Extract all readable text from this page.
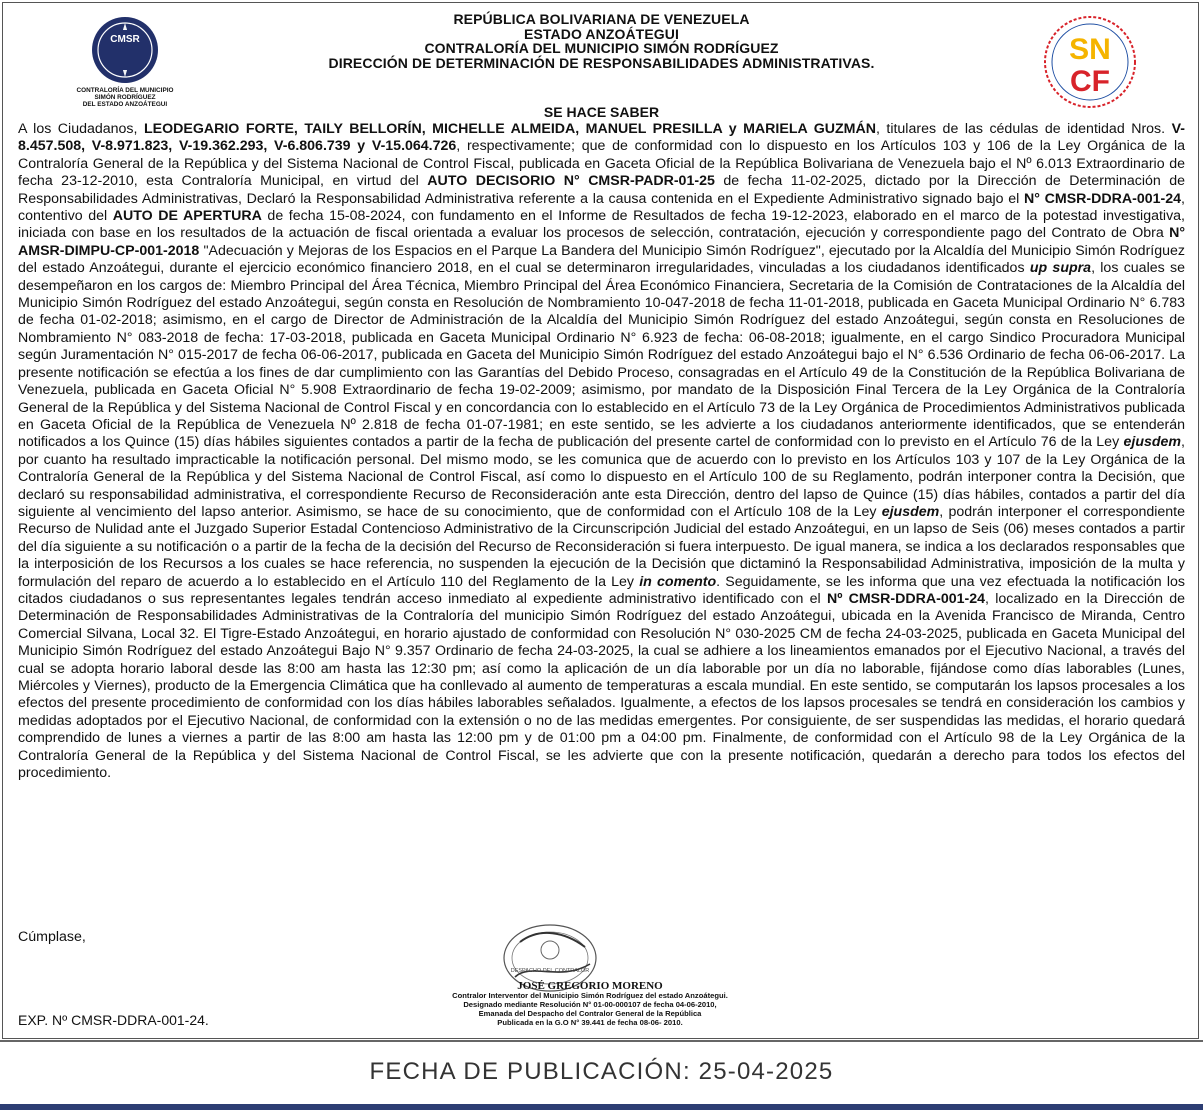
CMSR
CONTRALORÍA DEL MUNICIPIO
SIMÓN RODRÍGUEZ
DEL ESTADO ANZOÁTEGUI
SN
CF
REPÚBLICA BOLIVARIANA DE VENEZUELA
ESTADO ANZOÁTEGUI
CONTRALORÍA DEL MUNICIPIO SIMÓN RODRÍGUEZ
DIRECCIÓN DE DETERMINACIÓN DE RESPONSABILIDADES ADMINISTRATIVAS.
SE HACE SABER
A los Ciudadanos, LEODEGARIO FORTE, TAILY BELLORÍN, MICHELLE ALMEIDA, MANUEL PRESILLA y MARIELA GUZMÁN, titulares de las cédulas de identidad Nros. V-8.457.508, V-8.971.823, V-19.362.293, V-6.806.739 y V-15.064.726, respectivamente; que de conformidad con lo dispuesto en los Artículos 103 y 106 de la Ley Orgánica de la Contraloría General de la República y del Sistema Nacional de Control Fiscal, publicada en Gaceta Oficial de la República Bolivariana de Venezuela bajo el Nº 6.013 Extraordinario de fecha 23-12-2010, esta Contraloría Municipal, en virtud del AUTO DECISORIO N° CMSR-PADR-01-25 de fecha 11-02-2025, dictado por la Dirección de Determinación de Responsabilidades Administrativas, Declaró la Responsabilidad Administrativa referente a la causa contenida en el Expediente Administrativo signado bajo el N° CMSR-DDRA-001-24, contentivo del AUTO DE APERTURA de fecha 15-08-2024, con fundamento en el Informe de Resultados de fecha 19-12-2023, elaborado en el marco de la potestad investigativa, iniciada con base en los resultados de la actuación de fiscal orientada a evaluar los procesos de selección, contratación, ejecución y correspondiente pago del Contrato de Obra N° AMSR-DIMPU-CP-001-2018 "Adecuación y Mejoras de los Espacios en el Parque La Bandera del Municipio Simón Rodríguez", ejecutado por la Alcaldía del Municipio Simón Rodríguez del estado Anzoátegui, durante el ejercicio económico financiero 2018, en el cual se determinaron irregularidades, vinculadas a los ciudadanos identificados up supra, los cuales se desempeñaron en los cargos de: Miembro Principal del Área Técnica, Miembro Principal del Área Económico Financiera, Secretaria de la Comisión de Contrataciones de la Alcaldía del Municipio Simón Rodríguez del estado Anzoátegui, según consta en Resolución de Nombramiento 10-047-2018 de fecha 11-01-2018, publicada en Gaceta Municipal Ordinario N° 6.783 de fecha 01-02-2018; asimismo, en el cargo de Director de Administración de la Alcaldía del Municipio Simón Rodríguez del estado Anzoátegui, según consta en Resoluciones de Nombramiento N° 083-2018 de fecha: 17-03-2018, publicada en Gaceta Municipal Ordinario N° 6.923 de fecha: 06-08-2018; igualmente, en el cargo Sindico Procuradora Municipal según Juramentación N° 015-2017 de fecha 06-06-2017, publicada en Gaceta del Municipio Simón Rodríguez del estado Anzoátegui bajo el N° 6.536 Ordinario de fecha 06-06-2017. La presente notificación se efectúa a los fines de dar cumplimiento con las Garantías del Debido Proceso, consagradas en el Artículo 49 de la Constitución de la República Bolivariana de Venezuela, publicada en Gaceta Oficial N° 5.908 Extraordinario de fecha 19-02-2009; asimismo, por mandato de la Disposición Final Tercera de la Ley Orgánica de la Contraloría General de la República y del Sistema Nacional de Control Fiscal y en concordancia con lo establecido en el Artículo 73 de la Ley Orgánica de Procedimientos Administrativos publicada en Gaceta Oficial de la República de Venezuela Nº 2.818 de fecha 01-07-1981; en este sentido, se les advierte a los ciudadanos anteriormente identificados, que se entenderán notificados a los Quince (15) días hábiles siguientes contados a partir de la fecha de publicación del presente cartel de conformidad con lo previsto en el Artículo 76 de la Ley ejusdem, por cuanto ha resultado impracticable la notificación personal. Del mismo modo, se les comunica que de acuerdo con lo previsto en los Artículos 103 y 107 de la Ley Orgánica de la Contraloría General de la República y del Sistema Nacional de Control Fiscal, así como lo dispuesto en el Artículo 100 de su Reglamento, podrán interponer contra la Decisión, que declaró su responsabilidad administrativa, el correspondiente Recurso de Reconsideración ante esta Dirección, dentro del lapso de Quince (15) días hábiles, contados a partir del día siguiente al vencimiento del lapso anterior. Asimismo, se hace de su conocimiento, que de conformidad con el Artículo 108 de la Ley ejusdem, podrán interponer el correspondiente Recurso de Nulidad ante el Juzgado Superior Estadal Contencioso Administrativo de la Circunscripción Judicial del estado Anzoátegui, en un lapso de Seis (06) meses contados a partir del día siguiente a su notificación o a partir de la fecha de la decisión del Recurso de Reconsideración si fuera interpuesto. De igual manera, se indica a los declarados responsables que la interposición de los Recursos a los cuales se hace referencia, no suspenden la ejecución de la Decisión que dictaminó la Responsabilidad Administrativa, imposición de la multa y formulación del reparo de acuerdo a lo establecido en el Artículo 110 del Reglamento de la Ley in comento. Seguidamente, se les informa que una vez efectuada la notificación los citados ciudadanos o sus representantes legales tendrán acceso inmediato al expediente administrativo identificado con el Nº CMSR-DDRA-001-24, localizado en la Dirección de Determinación de Responsabilidades Administrativas de la Contraloría del municipio Simón Rodríguez del estado Anzoátegui, ubicada en la Avenida Francisco de Miranda, Centro Comercial Silvana, Local 32. El Tigre-Estado Anzoátegui, en horario ajustado de conformidad con Resolución N° 030-2025 CM de fecha 24-03-2025, publicada en Gaceta Municipal del Municipio Simón Rodríguez del estado Anzoátegui Bajo N° 9.357 Ordinario de fecha 24-03-2025, la cual se adhiere a los lineamientos emanados por el Ejecutivo Nacional, a través del cual se adopta horario laboral desde las 8:00 am hasta las 12:30 pm; así como la aplicación de un día laborable por un día no laborable, fijándose como días laborables (Lunes, Miércoles y Viernes), producto de la Emergencia Climática que ha conllevado al aumento de temperaturas a escala mundial. En este sentido, se computarán los lapsos procesales a los efectos del presente procedimiento de conformidad con los días hábiles laborables señalados. Igualmente, a efectos de los lapsos procesales se tendrá en consideración los cambios y medidas adoptados por el Ejecutivo Nacional, de conformidad con la extensión o no de las medidas emergentes. Por consiguiente, de ser suspendidas las medidas, el horario quedará comprendido de lunes a viernes a partir de las 8:00 am hasta las 12:00 pm y de 01:00 pm a 04:00 pm. Finalmente, de conformidad con el Artículo 98 de la Ley Orgánica de la Contraloría General de la República y del Sistema Nacional de Control Fiscal, se les advierte que con la presente notificación, quedarán a derecho para todos los efectos del procedimiento.
Cúmplase,
DESPACHO DEL CONTRALOR
JOSÉ GREGORIO MORENO
Contralor Interventor del Municipio Simón Rodríguez del estado Anzoátegui.
Designado mediante Resolución N° 01-00-000107 de fecha 04-06-2010,
Emanada del Despacho del Contralor General de la República
Publicada en la G.O N° 39.441 de fecha 08-06- 2010.
EXP. Nº CMSR-DDRA-001-24.
FECHA DE PUBLICACIÓN: 25-04-2025
